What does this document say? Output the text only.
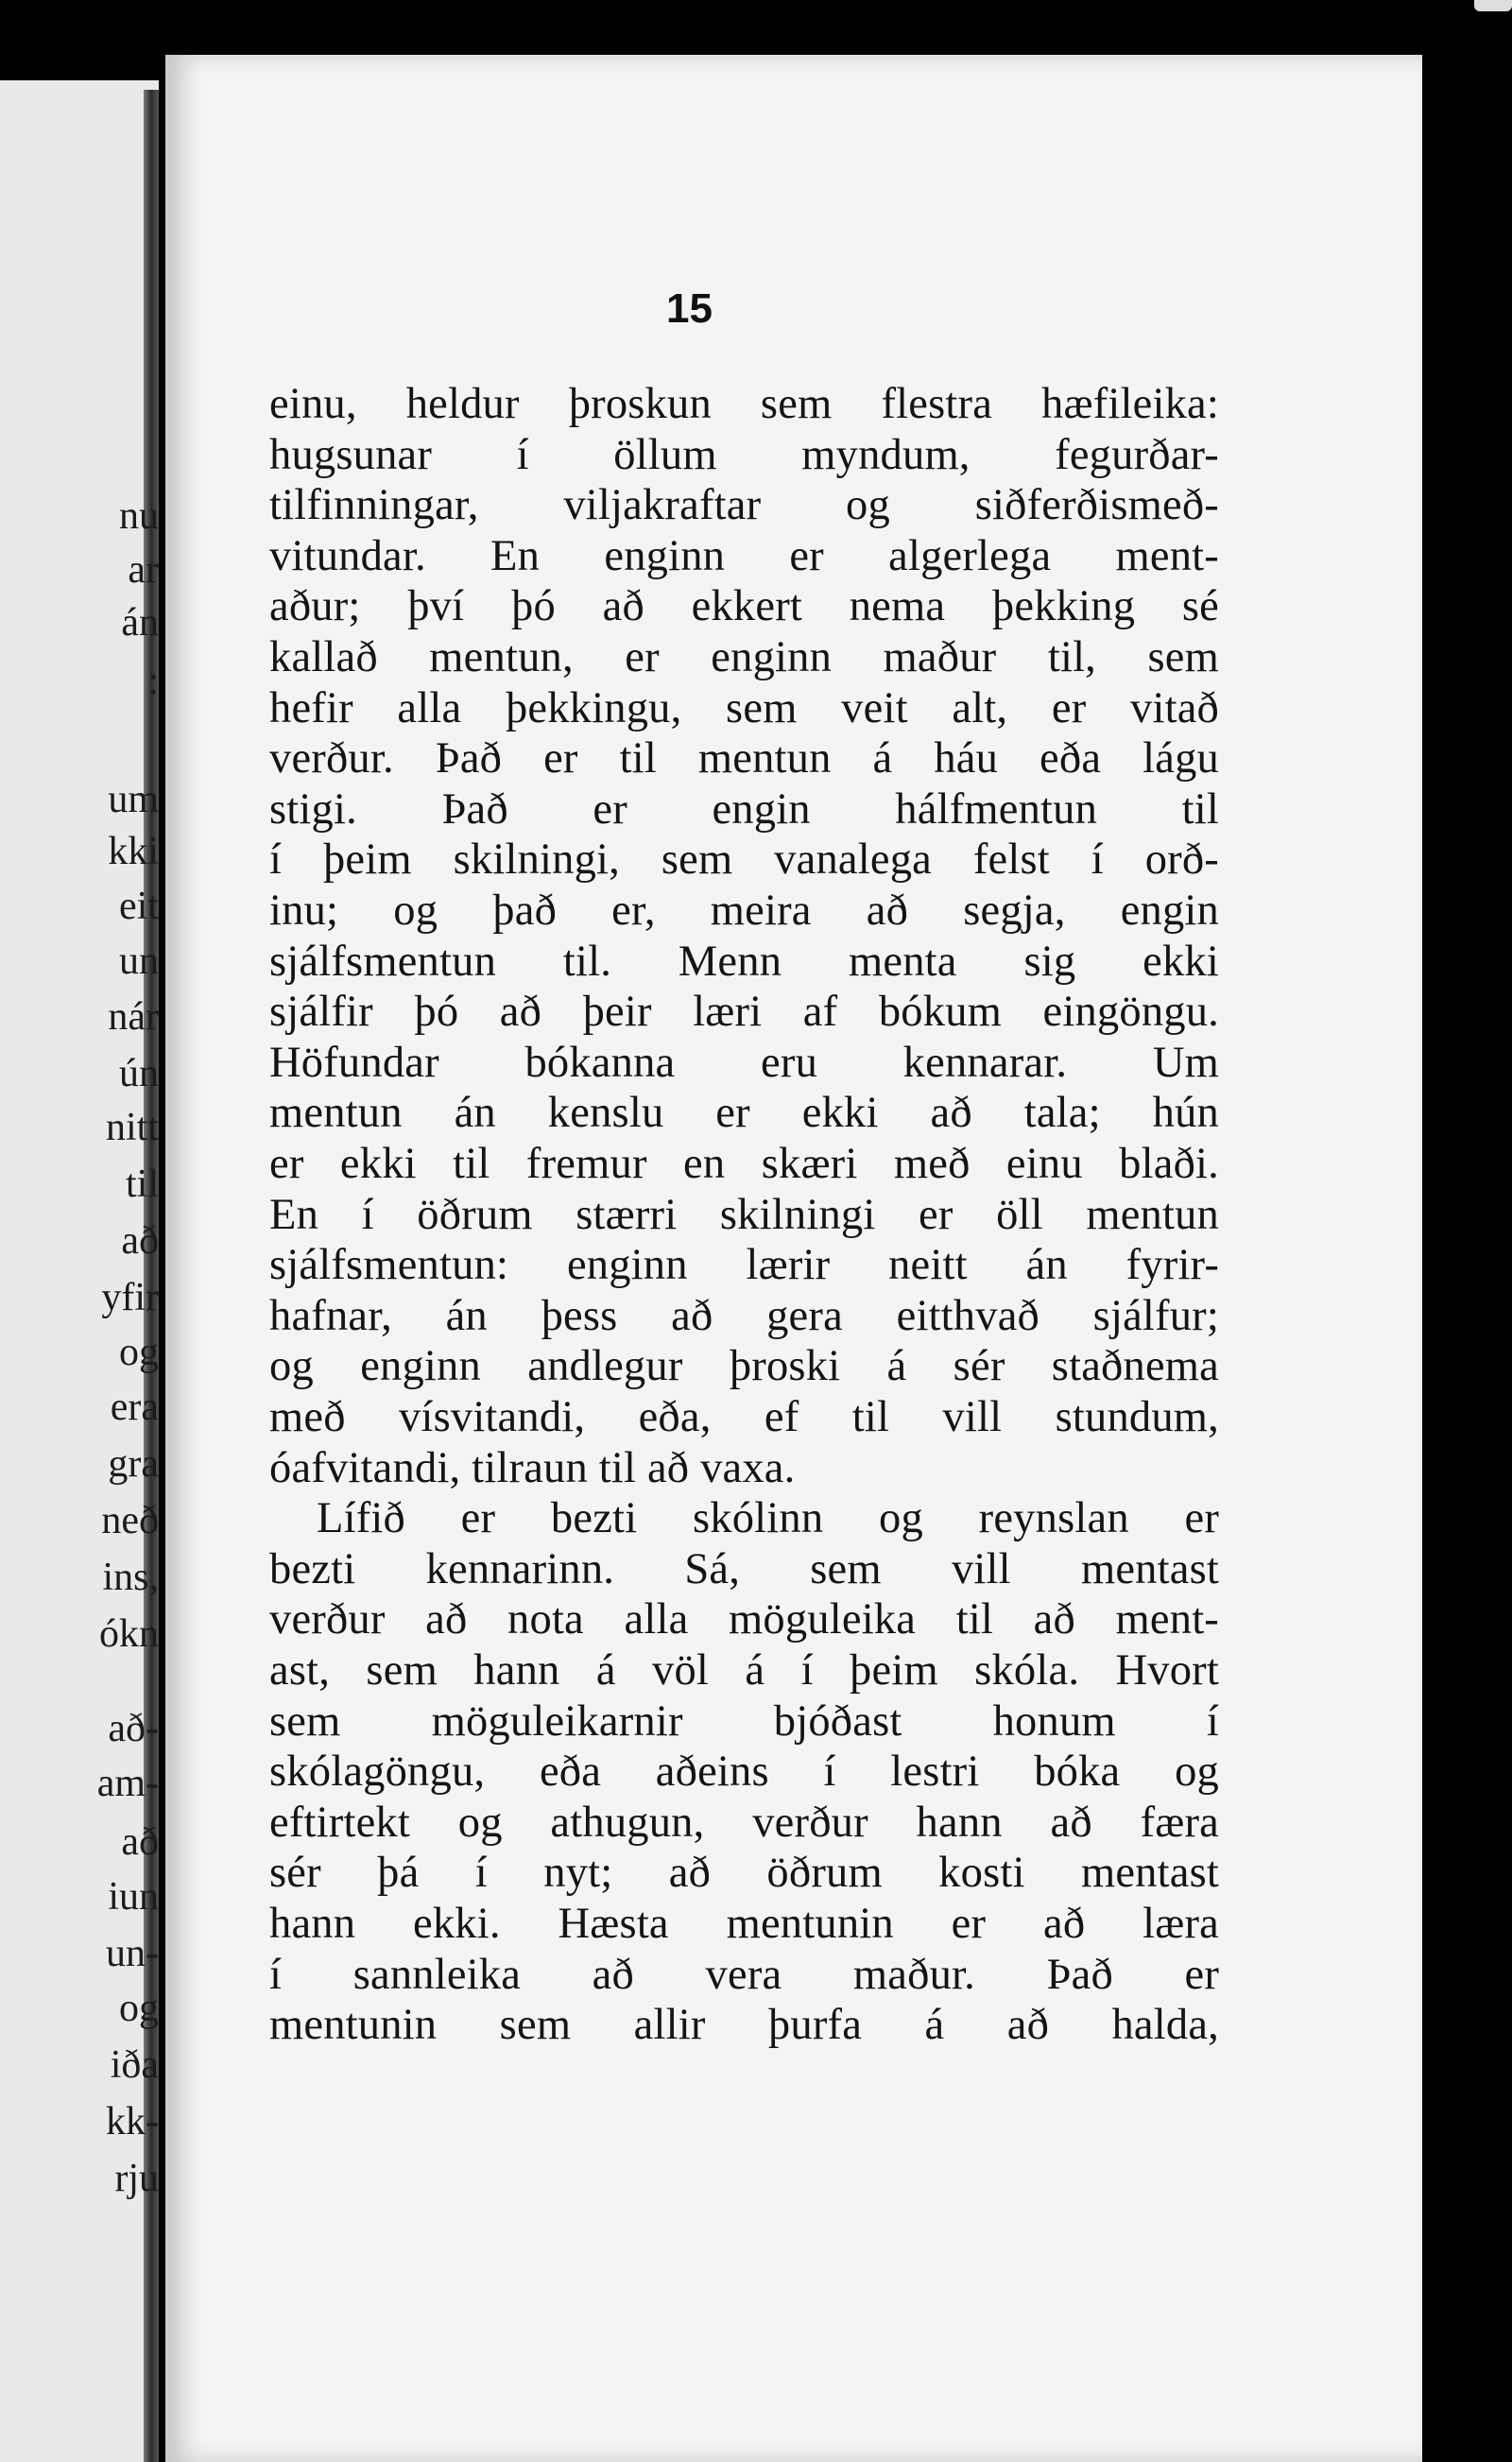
nu
ar
án
:
um
kki
eit
un
nár
ún
nitt
til
að
yfir
og
era
gra
neð
ins,
ókn
að-
am-
að
iun
un-
og
iða
kk-
rju
15
einu, heldur þroskun sem flestra hæfileika:
hugsunar í öllum myndum, fegurðar-
tilfinningar, viljakraftar og siðferðismeð-
vitundar. En enginn er algerlega ment-
aður; því þó að ekkert nema þekking sé
kallað mentun, er enginn maður til, sem
hefir alla þekkingu, sem veit alt, er vitað
verður. Það er til mentun á háu eða lágu
stigi. Það er engin hálfmentun til
í þeim skilningi, sem vanalega felst í orð-
inu; og það er, meira að segja, engin
sjálfsmentun til. Menn menta sig ekki
sjálfir þó að þeir læri af bókum eingöngu.
Höfundar bókanna eru kennarar. Um
mentun án kenslu er ekki að tala; hún
er ekki til fremur en skæri með einu blaði.
En í öðrum stærri skilningi er öll mentun
sjálfsmentun: enginn lærir neitt án fyrir-
hafnar, án þess að gera eitthvað sjálfur;
og enginn andlegur þroski á sér staðnema
með vísvitandi, eða, ef til vill stundum,
óafvitandi, tilraun til að vaxa.
Lífið er bezti skólinn og reynslan er
bezti kennarinn. Sá, sem vill mentast
verður að nota alla möguleika til að ment-
ast, sem hann á völ á í þeim skóla. Hvort
sem möguleikarnir bjóðast honum í
skólagöngu, eða aðeins í lestri bóka og
eftirtekt og athugun, verður hann að færa
sér þá í nyt; að öðrum kosti mentast
hann ekki. Hæsta mentunin er að læra
í sannleika að vera maður. Það er
mentunin sem allir þurfa á að halda,
